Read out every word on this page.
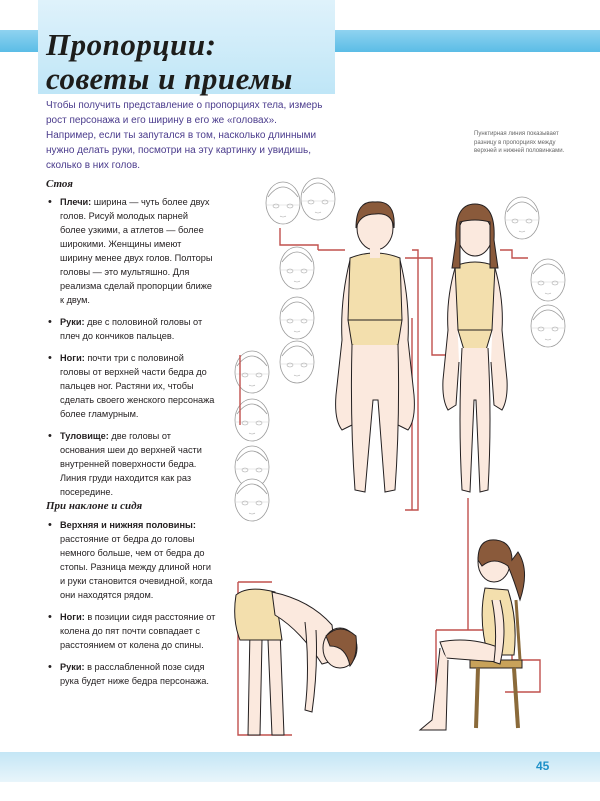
Пропорции:
советы и приемы

Чтобы получить представление о пропорциях тела, измерь рост персонажа и его ширину в его же «головах». Например, если ты запутался в том, насколько длинными нужно делать руки, посмотри на эту картинку и увидишь, сколько в них голов.

Пунктирная линия показывает разницу в пропорциях между верхней и нижней половинками.

Стоя
• Плечи: ширина — чуть более двух голов. Рисуй молодых парней более узкими, а атлетов — более широкими. Женщины имеют ширину менее двух голов. Полторы головы — это мультяшно. Для реализма сделай пропорции ближе к двум.
• Руки: две с половиной головы от плеч до кончиков пальцев.
• Ноги: почти три с половиной головы от верхней части бедра до пальцев ног. Растяни их, чтобы сделать своего женского персонажа более гламурным.
• Туловище: две головы от основания шеи до верхней части внутренней поверхности бедра. Линия груди находится как раз посередине.
При наклоне и сидя
• Верхняя и нижняя половины: расстояние от бедра до головы немного больше, чем от бедра до стопы. Разница между длиной ноги и руки становится очевидной, когда они находятся рядом.
• Ноги: в позиции сидя расстояние от колена до пят почти совпадает с расстоянием от колена до спины.
• Руки: в расслабленной позе сидя рука будет ниже бедра персонажа.
45
